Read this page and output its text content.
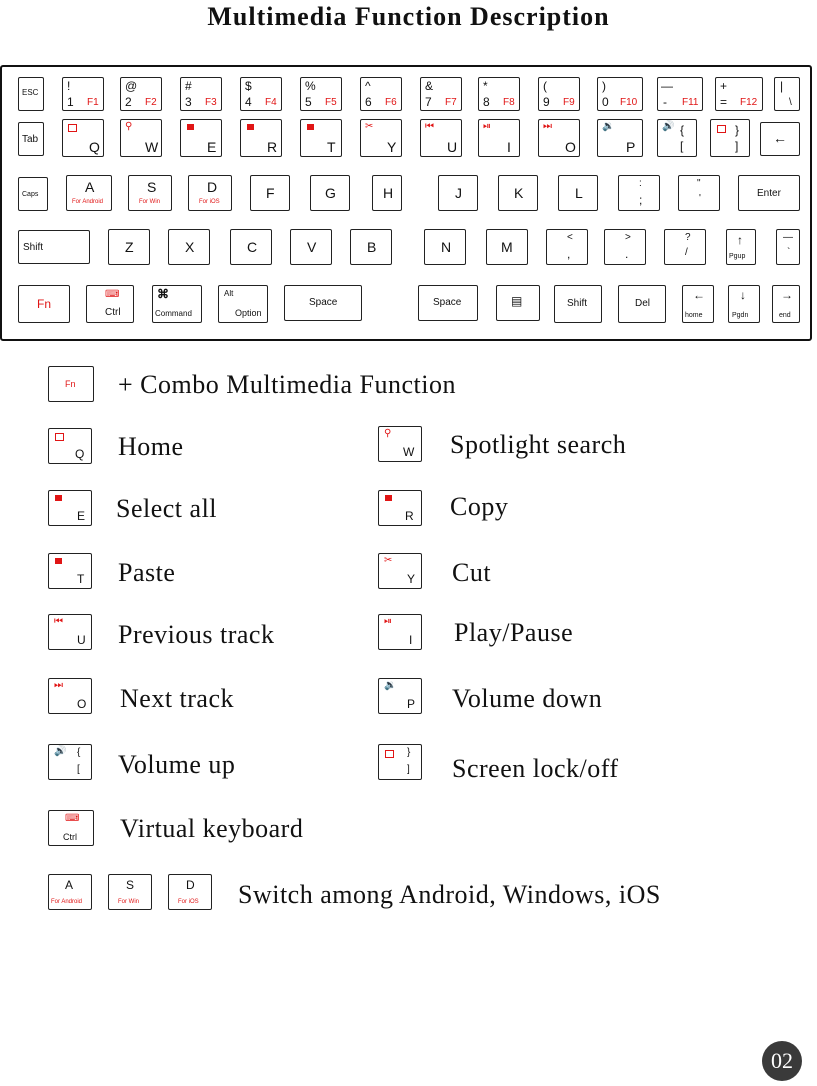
Multimedia Function Description
ESC !
1 F1
@
2 F2
#
3 F3
$
4 F4
%
5 F5
^
6 F6
&
7 F7
*
8 F8
(
9 F9
)
0 F10
—
- F11
+
= F12
|
\
Tab	Q
⚲
W	E	R	T
✂
Y
⏮
U
⏯
I
⏭
O
🔉
P
🔊 {
[
}
] ←
Caps	A
For Android
S
For Win
D
For iOS
F	G	H	J	K	L
:
;
"
'	Enter
Shift	Z	X	C	V	B	N	M
<
,
>
.
?
/
↑
Pgup
—
`
Fn
⌨
Ctrl
⌘
Command
Alt
Option
Space	Space	▤	Shift	Del
←
home
↓
Pgdn
→
end
Fn + Combo Multimedia Function
Q Home
E Select all
T Paste
⏮
U Previous track
⏭
O Next track
🔊 {
[ Volume up
⌨
Ctrl Virtual keyboard
⚲
W Spotlight search
R Copy
✂
Y Cut
⏯
I Play/Pause
🔉
P Volume down
}
] Screen lock/off
A
For Android
S
For Win
D
For iOS Switch among Android, Windows, iOS
02
